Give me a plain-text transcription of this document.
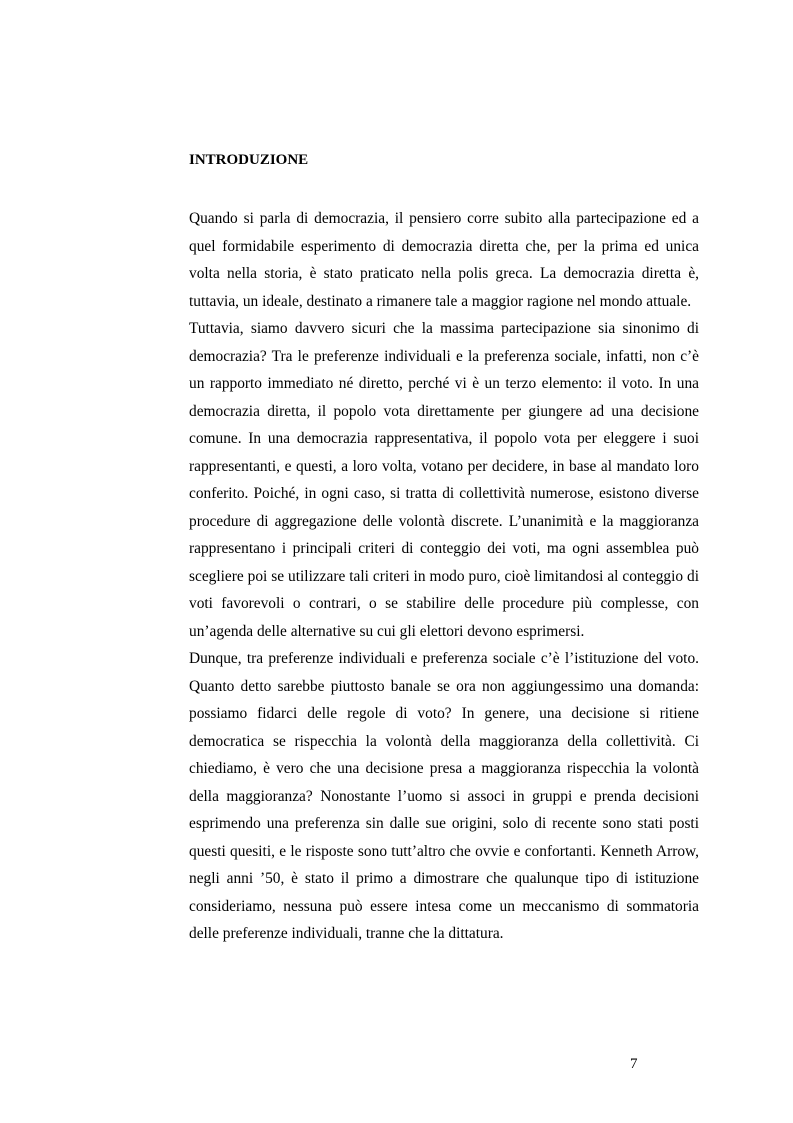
INTRODUZIONE

Quando si parla di democrazia, il pensiero corre subito alla partecipazione ed a quel formidabile esperimento di democrazia diretta che, per la prima ed unica volta nella storia, è stato praticato nella polis greca. La democrazia diretta è, tuttavia, un ideale, destinato a rimanere tale a maggior ragione nel mondo attuale.

Tuttavia, siamo davvero sicuri che la massima partecipazione sia sinonimo di democrazia? Tra le preferenze individuali e la preferenza sociale, infatti, non c’è un rapporto immediato né diretto, perché vi è un terzo elemento: il voto. In una democrazia diretta, il popolo vota direttamente per giungere ad una decisione comune. In una democrazia rappresentativa, il popolo vota per eleggere i suoi rappresentanti, e questi, a loro volta, votano per decidere, in base al mandato loro conferito. Poiché, in ogni caso, si tratta di collettività numerose, esistono diverse procedure di aggregazione delle volontà discrete. L’unanimità e la maggioranza rappresentano i principali criteri di conteggio dei voti, ma ogni assemblea può scegliere poi se utilizzare tali criteri in modo puro, cioè limitandosi al conteggio di voti favorevoli o contrari, o se stabilire delle procedure più complesse, con un’agenda delle alternative su cui gli elettori devono esprimersi.

Dunque, tra preferenze individuali e preferenza sociale c’è l’istituzione del voto. Quanto detto sarebbe piuttosto banale se ora non aggiungessimo una domanda: possiamo fidarci delle regole di voto? In genere, una decisione si ritiene democratica se rispecchia la volontà della maggioranza della collettività. Ci chiediamo, è vero che una decisione presa a maggioranza rispecchia la volontà della maggioranza? Nonostante l’uomo si associ in gruppi e prenda decisioni esprimendo una preferenza sin dalle sue origini, solo di recente sono stati posti questi quesiti, e le risposte sono tutt’altro che ovvie e confortanti. Kenneth Arrow, negli anni ’50, è stato il primo a dimostrare che qualunque tipo di istituzione consideriamo, nessuna può essere intesa come un meccanismo di sommatoria delle preferenze individuali, tranne che la dittatura.

7
